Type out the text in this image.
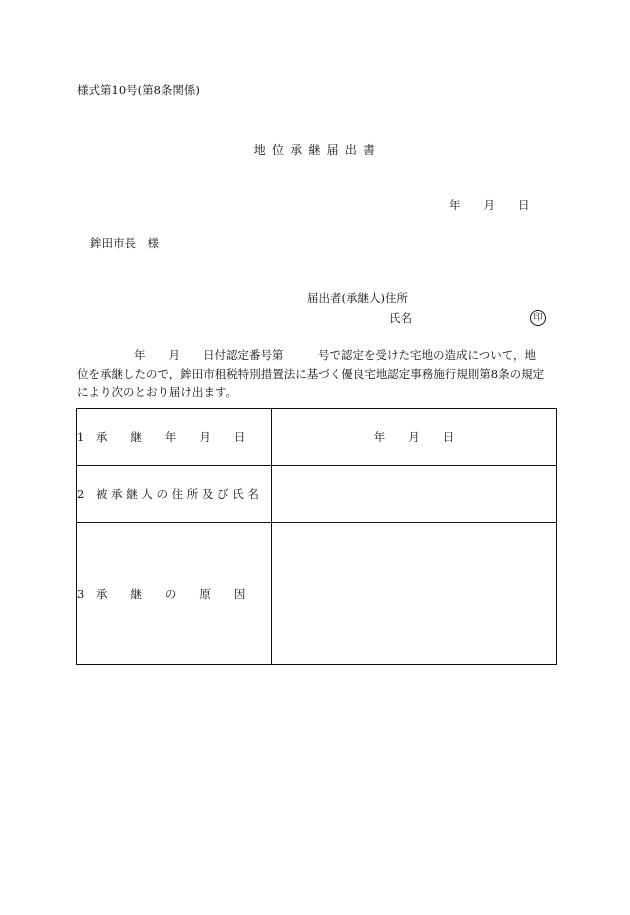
様式第10号(第8条関係)
地 位 承 継 届 出 書
年　　月　　日
鉾田市長　様
届出者(承継人)住所
氏名	印
年　　月　　日付認定番号第　　　号で認定を受けた宅地の造成について，地
位を承継したので，鉾田市租税特別措置法に基づく優良宅地認定事務施行規則第8条の規定
により次のとおり届け出ます。
1　承　　継　　年　　月　　日	年　　月　　日
2　被 承 継 人 の 住 所 及 び 氏 名	
3　承　　継　　の　　原　　因	
